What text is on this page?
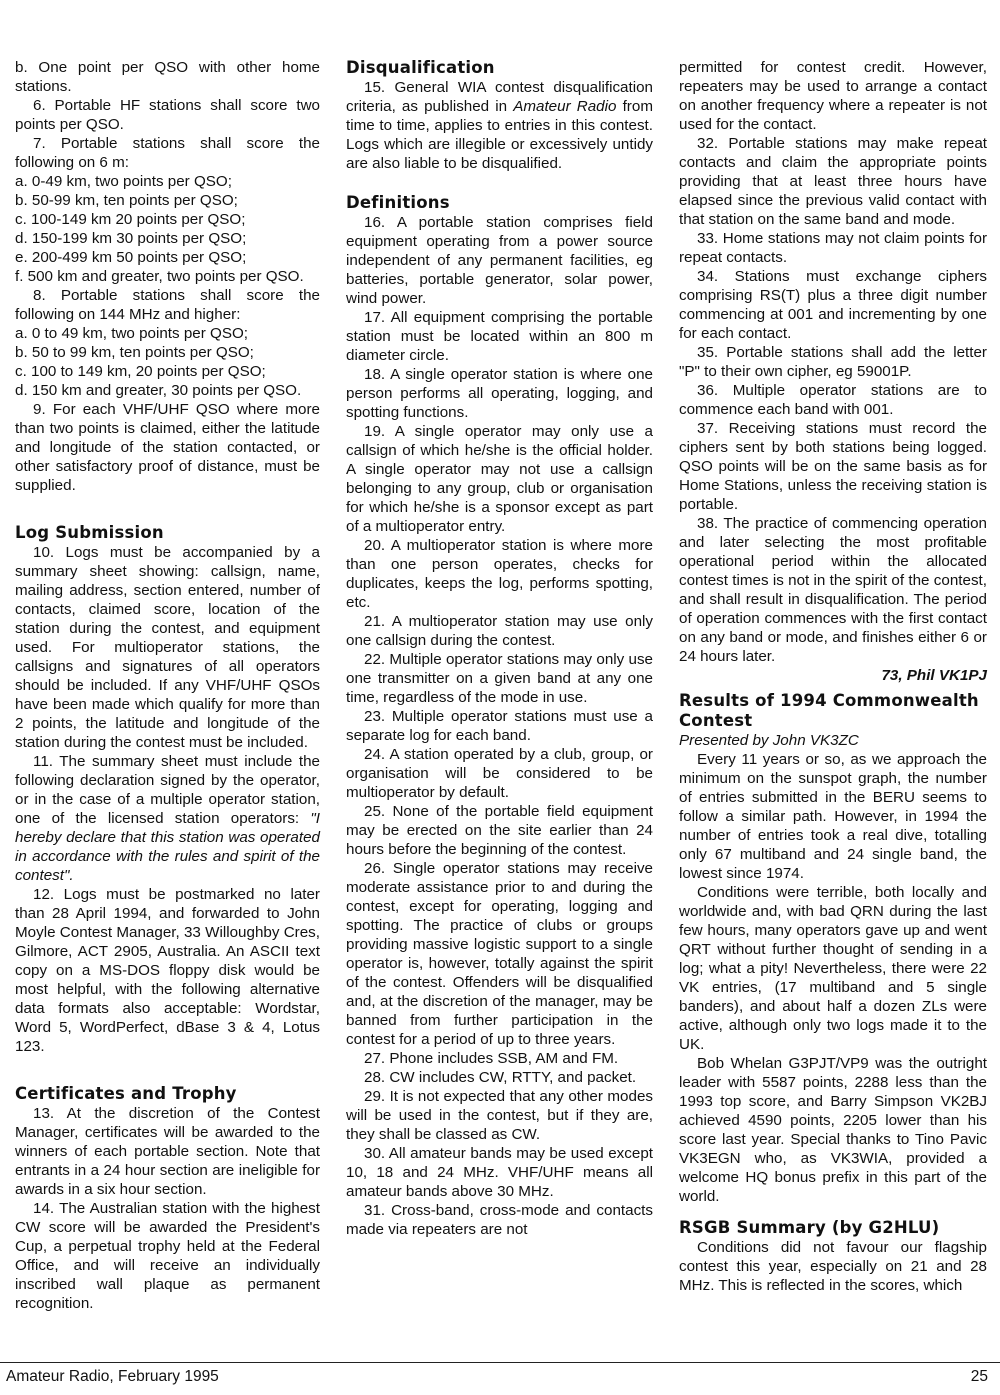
b. One point per QSO with other home stations.

6. Portable HF stations shall score two points per QSO.

7. Portable stations shall score the following on 6 m:

a. 0-49 km, two points per QSO;

b. 50-99 km, ten points per QSO;

c. 100-149 km 20 points per QSO;

d. 150-199 km 30 points per QSO;

e. 200-499 km 50 points per QSO;

f. 500 km and greater, two points per QSO.

8. Portable stations shall score the following on 144 MHz and higher:

a. 0 to 49 km, two points per QSO;

b. 50 to 99 km, ten points per QSO;

c. 100 to 149 km, 20 points per QSO;

d. 150 km and greater, 30 points per QSO.

9. For each VHF/UHF QSO where more than two points is claimed, either the latitude and longitude of the station contacted, or other satisfactory proof of distance, must be supplied.

Log Submission

10. Logs must be accompanied by a summary sheet showing: callsign, name, mailing address, section entered, number of contacts, claimed score, location of the station during the contest, and equipment used. For multioperator stations, the callsigns and signatures of all operators should be included. If any VHF/UHF QSOs have been made which qualify for more than 2 points, the latitude and longitude of the station during the contest must be included.

11. The summary sheet must include the following declaration signed by the operator, or in the case of a multiple operator station, one of the licensed station operators: "I hereby declare that this station was operated in accordance with the rules and spirit of the contest".

12. Logs must be postmarked no later than 28 April 1994, and forwarded to John Moyle Contest Manager, 33 Willoughby Cres, Gilmore, ACT 2905, Australia. An ASCII text copy on a MS-DOS floppy disk would be most helpful, with the following alternative data formats also acceptable: Wordstar, Word 5, WordPerfect, dBase 3 & 4, Lotus 123.

Certificates and Trophy

13. At the discretion of the Contest Manager, certificates will be awarded to the winners of each portable section. Note that entrants in a 24 hour section are ineligible for awards in a six hour section.

14. The Australian station with the highest CW score will be awarded the President's Cup, a perpetual trophy held at the Federal Office, and will receive an individually inscribed wall plaque as permanent recognition.

Disqualification

15. General WIA contest disqualification criteria, as published in Amateur Radio from time to time, applies to entries in this contest. Logs which are illegible or excessively untidy are also liable to be disqualified.

Definitions

16. A portable station comprises field equipment operating from a power source independent of any permanent facilities, eg batteries, portable generator, solar power, wind power.

17. All equipment comprising the portable station must be located within an 800 m diameter circle.

18. A single operator station is where one person performs all operating, logging, and spotting functions.

19. A single operator may only use a callsign of which he/she is the official holder. A single operator may not use a callsign belonging to any group, club or organisation for which he/she is a sponsor except as part of a multioperator entry.

20. A multioperator station is where more than one person operates, checks for duplicates, keeps the log, performs spotting, etc.

21. A multioperator station may use only one callsign during the contest.

22. Multiple operator stations may only use one transmitter on a given band at any one time, regardless of the mode in use.

23. Multiple operator stations must use a separate log for each band.

24. A station operated by a club, group, or organisation will be considered to be multioperator by default.

25. None of the portable field equipment may be erected on the site earlier than 24 hours before the beginning of the contest.

26. Single operator stations may receive moderate assistance prior to and during the contest, except for operating, logging and spotting. The practice of clubs or groups providing massive logistic support to a single operator is, however, totally against the spirit of the contest. Offenders will be disqualified and, at the discretion of the manager, may be banned from further participation in the contest for a period of up to three years.

27. Phone includes SSB, AM and FM.

28. CW includes CW, RTTY, and packet.

29. It is not expected that any other modes will be used in the contest, but if they are, they shall be classed as CW.

30. All amateur bands may be used except 10, 18 and 24 MHz. VHF/UHF means all amateur bands above 30 MHz.

31. Cross-band, cross-mode and contacts made via repeaters are not

permitted for contest credit. However, repeaters may be used to arrange a contact on another frequency where a repeater is not used for the contact.

32. Portable stations may make repeat contacts and claim the appropriate points providing that at least three hours have elapsed since the previous valid contact with that station on the same band and mode.

33. Home stations may not claim points for repeat contacts.

34. Stations must exchange ciphers comprising RS(T) plus a three digit number commencing at 001 and incrementing by one for each contact.

35. Portable stations shall add the letter "P" to their own cipher, eg 59001P.

36. Multiple operator stations are to commence each band with 001.

37. Receiving stations must record the ciphers sent by both stations being logged. QSO points will be on the same basis as for Home Stations, unless the receiving station is portable.

38. The practice of commencing operation and later selecting the most profitable operational period within the allocated contest times is not in the spirit of the contest, and shall result in disqualification. The period of operation commences with the first contact on any band or mode, and finishes either 6 or 24 hours later.

73, Phil VK1PJ

Results of 1994 Commonwealth Contest

Presented by John VK3ZC

Every 11 years or so, as we approach the minimum on the sunspot graph, the number of entries submitted in the BERU seems to follow a similar path. However, in 1994 the number of entries took a real dive, totalling only 67 multiband and 24 single band, the lowest since 1974.

Conditions were terrible, both locally and worldwide and, with bad QRN during the last few hours, many operators gave up and went QRT without further thought of sending in a log; what a pity! Nevertheless, there were 22 VK entries, (17 multiband and 5 single banders), and about half a dozen ZLs were active, although only two logs made it to the UK.

Bob Whelan G3PJT/VP9 was the outright leader with 5587 points, 2288 less than the 1993 top score, and Barry Simpson VK2BJ achieved 4590 points, 2205 lower than his score last year. Special thanks to Tino Pavic VK3EGN who, as VK3WIA, provided a welcome HQ bonus prefix in this part of the world.

RSGB Summary (by G2HLU)

Conditions did not favour our flagship contest this year, especially on 21 and 28 MHz. This is reflected in the scores, which

Amateur Radio, February 1995	25
